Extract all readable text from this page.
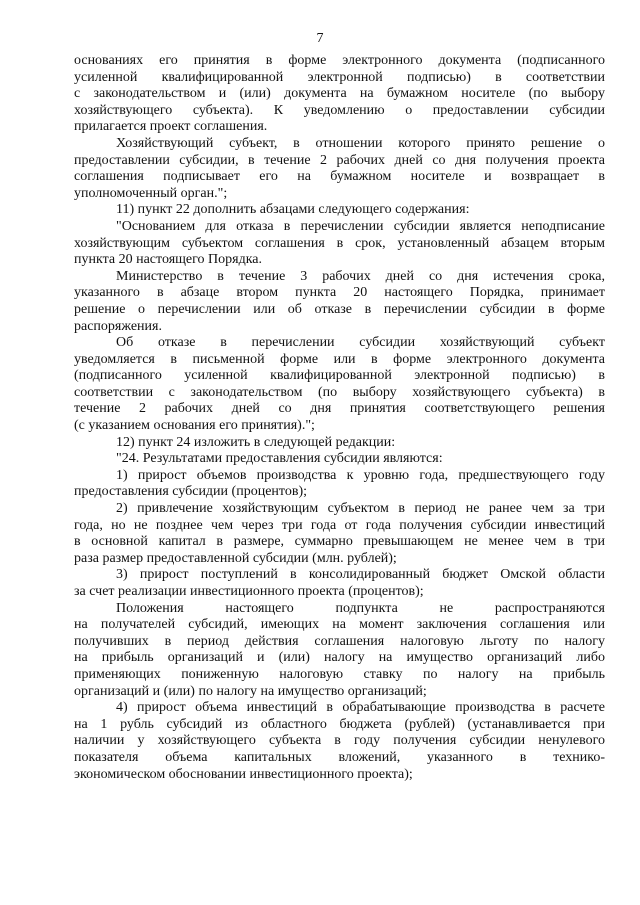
7
основаниях его принятия в форме электронного документа (подписанного
усиленной квалифицированной электронной подписью) в соответствии
с законодательством и (или) документа на бумажном носителе (по выбору
хозяйствующего субъекта). К уведомлению о предоставлении субсидии
прилагается проект соглашения.
Хозяйствующий субъект, в отношении которого принято решение о
предоставлении субсидии, в течение 2 рабочих дней со дня получения проекта
соглашения подписывает его на бумажном носителе и возвращает в
уполномоченный орган.";
11) пункт 22 дополнить абзацами следующего содержания:
"Основанием для отказа в перечислении субсидии является неподписание
хозяйствующим субъектом соглашения в срок, установленный абзацем вторым
пункта 20 настоящего Порядка.
Министерство в течение 3 рабочих дней со дня истечения срока,
указанного в абзаце втором пункта 20 настоящего Порядка, принимает
решение о перечислении или об отказе в перечислении субсидии в форме
распоряжения.
Об отказе в перечислении субсидии хозяйствующий субъект
уведомляется в письменной форме или в форме электронного документа
(подписанного усиленной квалифицированной электронной подписью) в
соответствии с законодательством (по выбору хозяйствующего субъекта) в
течение 2 рабочих дней со дня принятия соответствующего решения
(с указанием основания его принятия).";
12) пункт 24 изложить в следующей редакции:
"24. Результатами предоставления субсидии являются:
1) прирост объемов производства к уровню года, предшествующего году
предоставления субсидии (процентов);
2) привлечение хозяйствующим субъектом в период не ранее чем за три
года, но не позднее чем через три года от года получения субсидии инвестиций
в основной капитал в размере, суммарно превышающем не менее чем в три
раза размер предоставленной субсидии (млн. рублей);
3) прирост поступлений в консолидированный бюджет Омской области
за счет реализации инвестиционного проекта (процентов);
Положения настоящего подпункта не распространяются
на получателей субсидий, имеющих на момент заключения соглашения или
получивших в период действия соглашения налоговую льготу по налогу
на прибыль организаций и (или) налогу на имущество организаций либо
применяющих пониженную налоговую ставку по налогу на прибыль
организаций и (или) по налогу на имущество организаций;
4) прирост объема инвестиций в обрабатывающие производства в расчете
на 1 рубль субсидий из областного бюджета (рублей) (устанавливается при
наличии у хозяйствующего субъекта в году получения субсидии ненулевого
показателя объема капитальных вложений, указанного в технико-
экономическом обосновании инвестиционного проекта);
